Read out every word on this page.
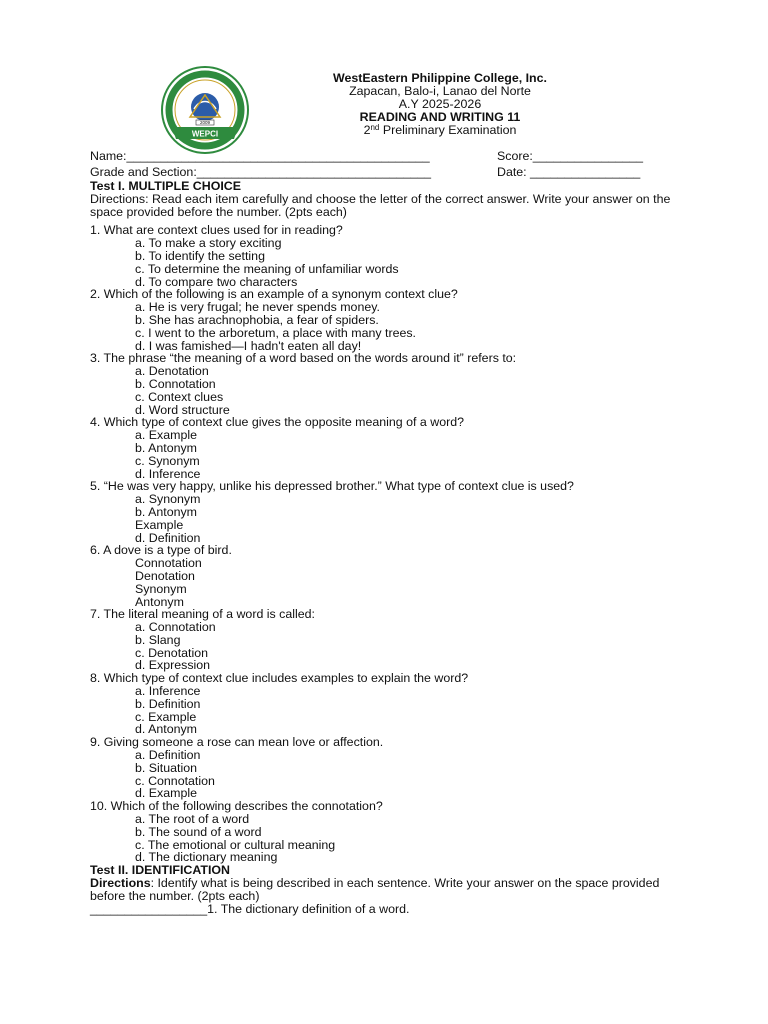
2009
WEPCI
WestEastern Philippine College, Inc.
Zapacan, Balo-i, Lanao del Norte
A.Y 2025-2026
READING AND WRITING 11
2nd Preliminary Examination
Name:____________________________________________	Score:________________
Grade and Section:__________________________________	Date: ________________
Test I. MULTIPLE CHOICE
Directions: Read each item carefully and choose the letter of the correct answer. Write your answer on the space provided before the number. (2pts each)
1. What are context clues used for in reading?
a. To make a story exciting
b. To identify the setting
c. To determine the meaning of unfamiliar words
d. To compare two characters
2. Which of the following is an example of a synonym context clue?
a. He is very frugal; he never spends money.
b. She has arachnophobia, a fear of spiders.
c. I went to the arboretum, a place with many trees.
d. I was famished—I hadn't eaten all day!
3. The phrase “the meaning of a word based on the words around it” refers to:
a. Denotation
b. Connotation
c. Context clues
d. Word structure
4. Which type of context clue gives the opposite meaning of a word?
a. Example
b. Antonym
c. Synonym
d. Inference
5. “He was very happy, unlike his depressed brother.” What type of context clue is used?
a. Synonym
b. Antonym
Example
d. Definition
6. A dove is a type of bird.
Connotation
Denotation
Synonym
Antonym
7. The literal meaning of a word is called:
a. Connotation
b. Slang
c. Denotation
d. Expression
8. Which type of context clue includes examples to explain the word?
a. Inference
b. Definition
c. Example
d. Antonym
9. Giving someone a rose can mean love or affection.
a. Definition
b. Situation
c. Connotation
d. Example
10. Which of the following describes the connotation?
a. The root of a word
b. The sound of a word
c. The emotional or cultural meaning
d. The dictionary meaning
Test II. IDENTIFICATION
Directions: Identify what is being described in each sentence. Write your answer on the space provided before the number. (2pts each)
_________________1. The dictionary definition of a word.
